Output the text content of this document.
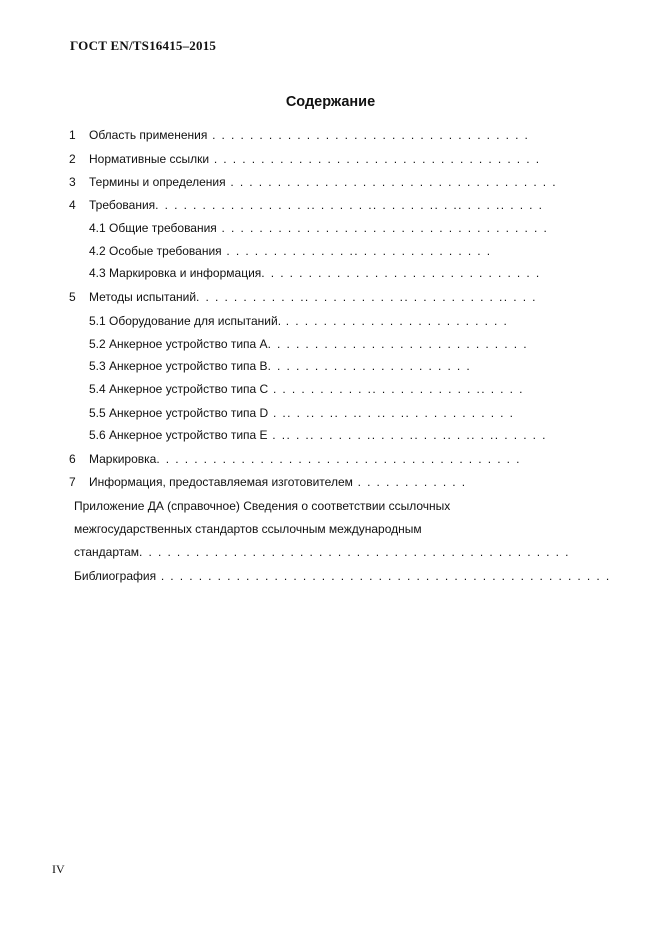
ГОСТ EN/TS16415–2015
Содержание
1 Область применения . . . . . . . . . . . . . . . . . . . . . . . . . . . . . . . . . .
2 Нормативные ссылки . . . . . . . . . . . . . . . . . . . . . . . . . . . . . . . . . . .
3 Термины и определения . . . . . . . . . . . . . . . . . . . . . . . . . . . . . . . . . . .
4 Требования. . . . . . . . . . . . . . . . .. . . . . . .. . . . . . .. . .. . . . .. . . . .
4.1 Общие требования . . . . . . . . . . . . . . . . . . . . . . . . . . . . . . . . . . .
4.2 Особые требования . . . . . . . . . . . . . .. . . . . . . . . . . . . . .
4.3 Маркировка и информация. . . . . . . . . . . . . . . . . . . . . . . . . . . . . .
5 Методы испытаний. . . . . . . . . . . .. . . . . . . . . . .. . . . . . . . . . .. . . .
5.1 Оборудование для испытаний. . . . . . . . . . . . . . . . . . . . . . . . .
5.2 Анкерное устройство типа А. . . . . . . . . . . . . . . . . . . . . . . . . . . .
5.3 Анкерное устройство типа В. . . . . . . . . . . . . . . . . . . . . .
5.4 Анкерное устройство типа С . . . . . . . . . . .. . . . . . . . . . . .. . . . .
5.5 Анкерное устройство типа D . .. . .. . .. . .. . .. . .. . . . . . . . . . . .
5.6 Анкерное устройство типа Е . .. . .. . . . . . .. . . . .. . . .. . .. . .. . . . . .
6 Маркировка. . . . . . . . . . . . . . . . . . . . . . . . . . . . . . . . . . . . . . .
7 Информация, предоставляемая изготовителем . . . . . . . . . . . .
Приложение ДА (справочное) Сведения о соответствии ссылочных
межгосударственных стандартов ссылочным международным
стандартам. . . . . . . . . . . . . . . . . . . . . . . . . . . . . . . . . . . . . . . . . . . . . .
Библиография . . . . . . . . . . . . . . . . . . . . . . . . . . . . . . . . . . . . . . . . . . . . . . . .
IV
